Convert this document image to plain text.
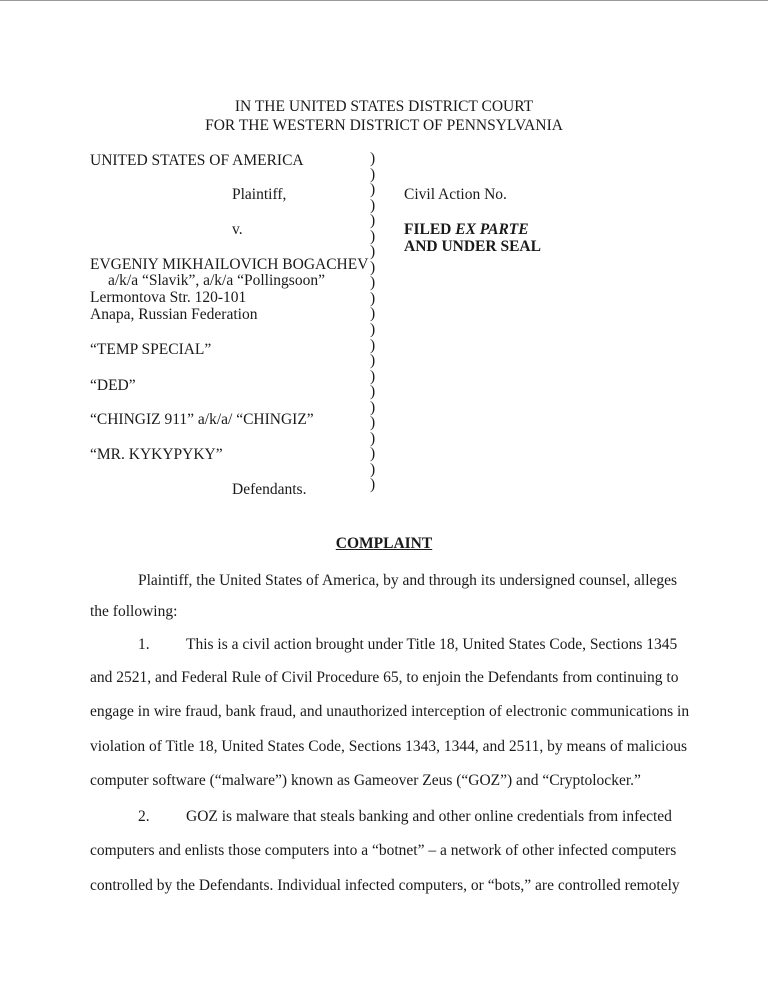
IN THE UNITED STATES DISTRICT COURT
FOR THE WESTERN DISTRICT OF PENNSYLVANIA
UNITED STATES OF AMERICA
Plaintiff,
v.
EVGENIY MIKHAILOVICH BOGACHEV
a/k/a “Slavik”, a/k/a “Pollingsoon”
Lermontova Str. 120-101
Anapa, Russian Federation
“TEMP SPECIAL”
“DED”
“CHINGIZ 911” a/k/a/ “CHINGIZ”
“MR. KYKYPYKY”
Defendants.
)
)
)
)
)
)
)
)
)
)
)
)
)
)
)
)
)
)
)
)
)
)
Civil Action No.
FILED EX PARTE
AND UNDER SEAL
COMPLAINT
Plaintiff, the United States of America, by and through its undersigned counsel, alleges
the following:
1. This is a civil action brought under Title 18, United States Code, Sections 1345
and 2521, and Federal Rule of Civil Procedure 65, to enjoin the Defendants from continuing to
engage in wire fraud, bank fraud, and unauthorized interception of electronic communications in
violation of Title 18, United States Code, Sections 1343, 1344, and 2511, by means of malicious
computer software (“malware”) known as Gameover Zeus (“GOZ”) and “Cryptolocker.”
2. GOZ is malware that steals banking and other online credentials from infected
computers and enlists those computers into a “botnet” – a network of other infected computers
controlled by the Defendants. Individual infected computers, or “bots,” are controlled remotely
